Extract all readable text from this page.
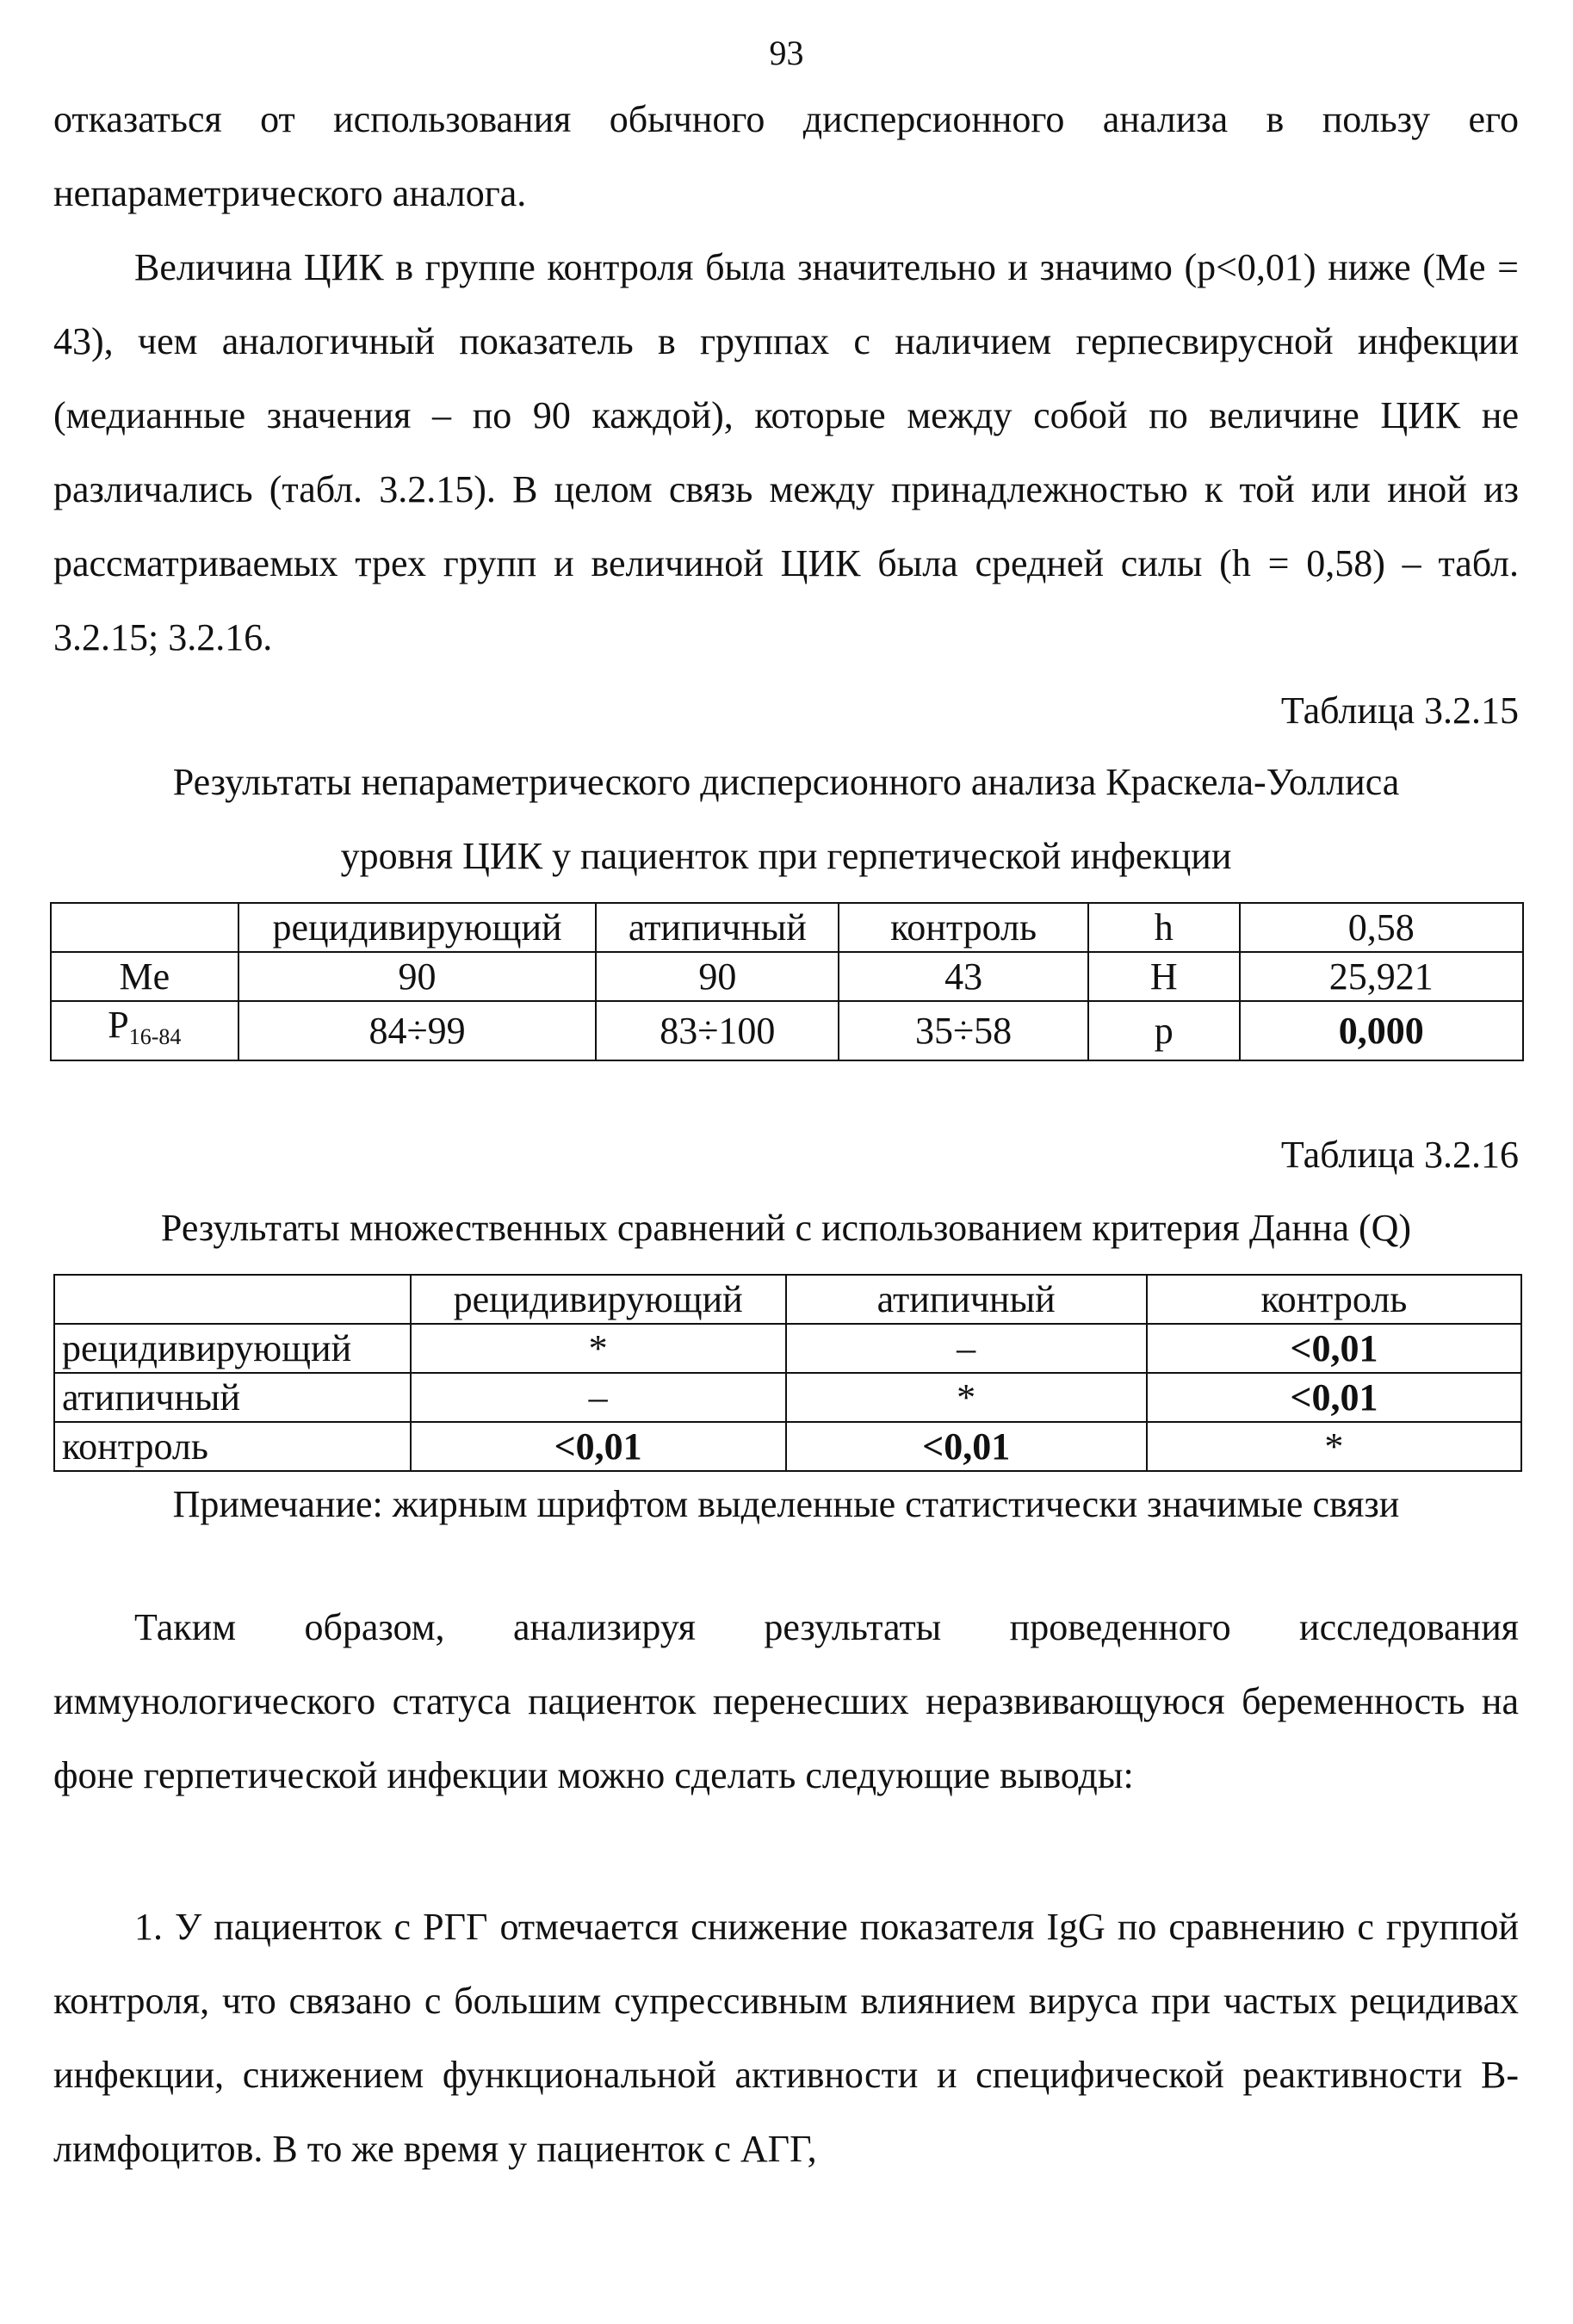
93

отказаться от использования обычного дисперсионного анализа в пользу его непараметрического аналога.

Величина ЦИК в группе контроля была значительно и значимо (p<0,01) ниже (Me = 43), чем аналогичный показатель в группах с наличием герпесвирусной инфекции (медианные значения – по 90 каждой), которые между собой по величине ЦИК не различались (табл. 3.2.15). В целом связь между принадлежностью к той или иной из рассматриваемых трех групп и величиной ЦИК была средней силы (h = 0,58) – табл. 3.2.15; 3.2.16.

Таблица 3.2.15
Результаты непараметрического дисперсионного анализа Краскела-Уоллиса
уровня ЦИК у пациенток при герпетической инфекции
	рецидивирующий	атипичный	контроль	h	0,58
Me	90	90	43	H	25,921
$P_{16-84}$	84÷99	83÷100	35÷58	p	0,000
Таблица 3.2.16
Результаты множественных сравнений с использованием критерия Данна (Q)
	рецидивирующий	атипичный	контроль
рецидивирующий	*	–	<0,01
атипичный	–	*	<0,01
контроль	<0,01	<0,01	*
Примечание: жирным шрифтом выделенные статистически значимые связи

Таким образом, анализируя результаты проведенного исследования иммунологического статуса пациенток перенесших неразвивающуюся беременность на фоне герпетической инфекции можно сделать следующие выводы:

1. У пациенток с РГГ отмечается снижение показателя IgG по сравнению с группой контроля, что связано с большим супрессивным влиянием вируса при частых рецидивах инфекции, снижением функциональной активности и специфической реактивности В-лимфоцитов. В то же время у пациенток с АГГ,
